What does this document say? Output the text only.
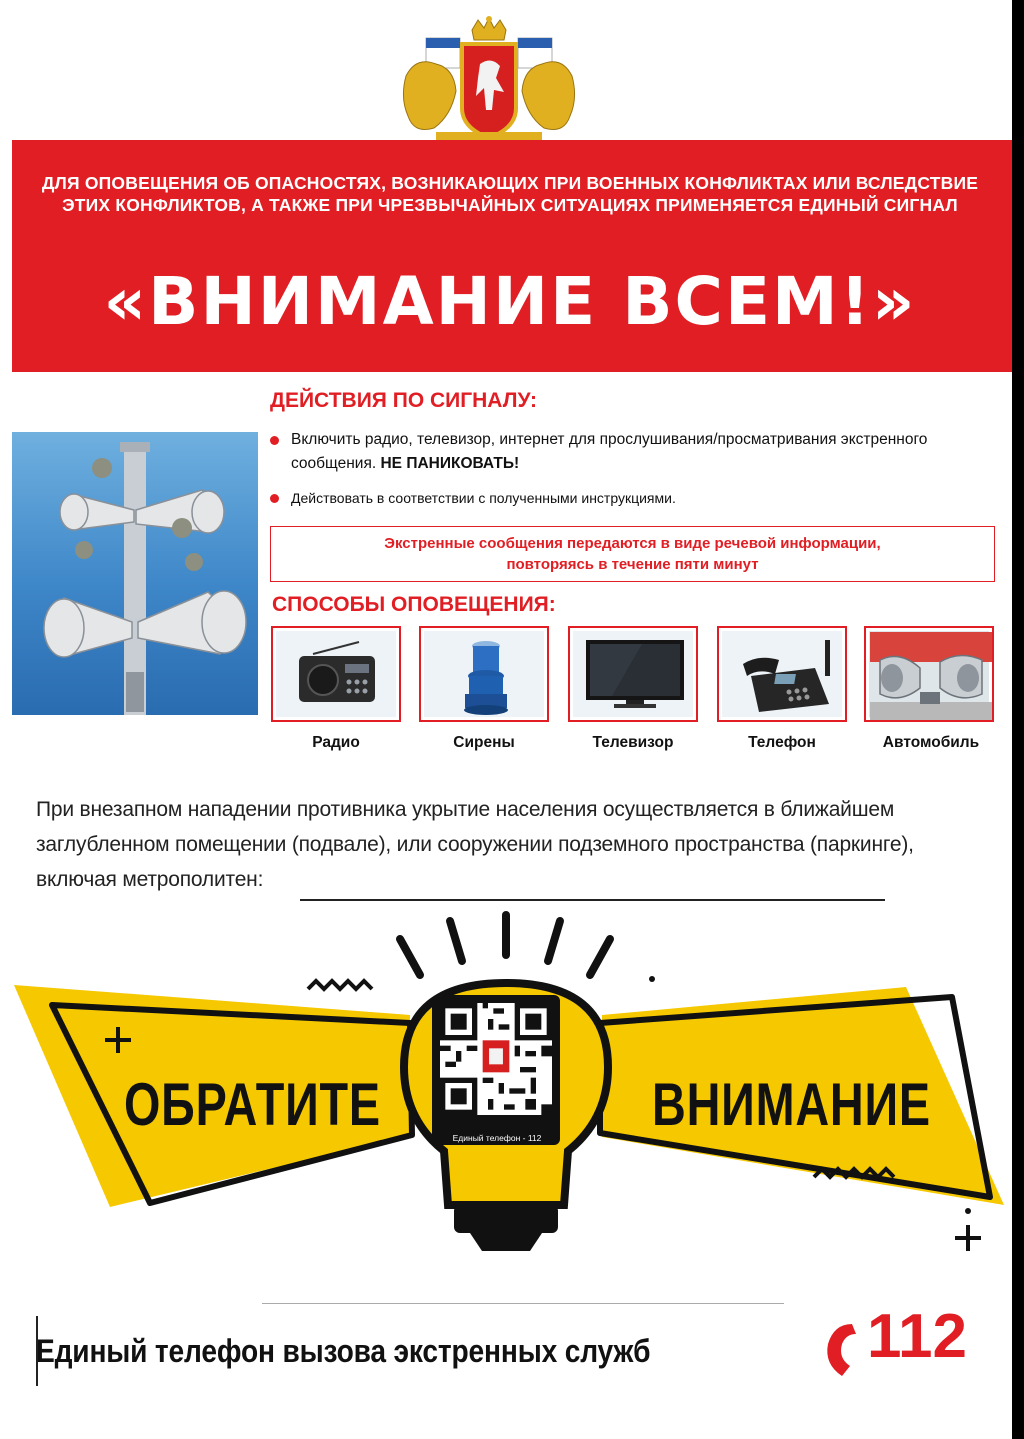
ДЛЯ ОПОВЕЩЕНИЯ ОБ ОПАСНОСТЯХ, ВОЗНИКАЮЩИХ ПРИ ВОЕННЫХ КОНФЛИКТАХ ИЛИ ВСЛЕДСТВИЕ
ЭТИХ КОНФЛИКТОВ, А ТАКЖЕ ПРИ ЧРЕЗВЫЧАЙНЫХ СИТУАЦИЯХ ПРИМЕНЯЕТСЯ ЕДИНЫЙ СИГНАЛ
«ВНИМАНИЕ ВСЕМ!»
ДЕЙСТВИЯ ПО СИГНАЛУ:
Включить радио, телевизор, интернет для прослушивания/просматривания экстренного сообщения. НЕ ПАНИКОВАТЬ!
Действовать в соответствии с полученными инструкциями.
Экстренные сообщения передаются в виде речевой информации,
повторяясь в течение пяти минут
СПОСОБЫ ОПОВЕЩЕНИЯ:
Радио	Сирены	Телевизор	Телефон	Автомобиль
При внезапном нападении противника укрытие населения осуществляется в ближайшем
заглубленном помещении (подвале), или сооружении подземного пространства (паркинге),
включая метрополитен:
Единый телефон - 112
ОБРАТИТЕ	ВНИМАНИЕ
Единый телефон вызова экстренных служб	112
